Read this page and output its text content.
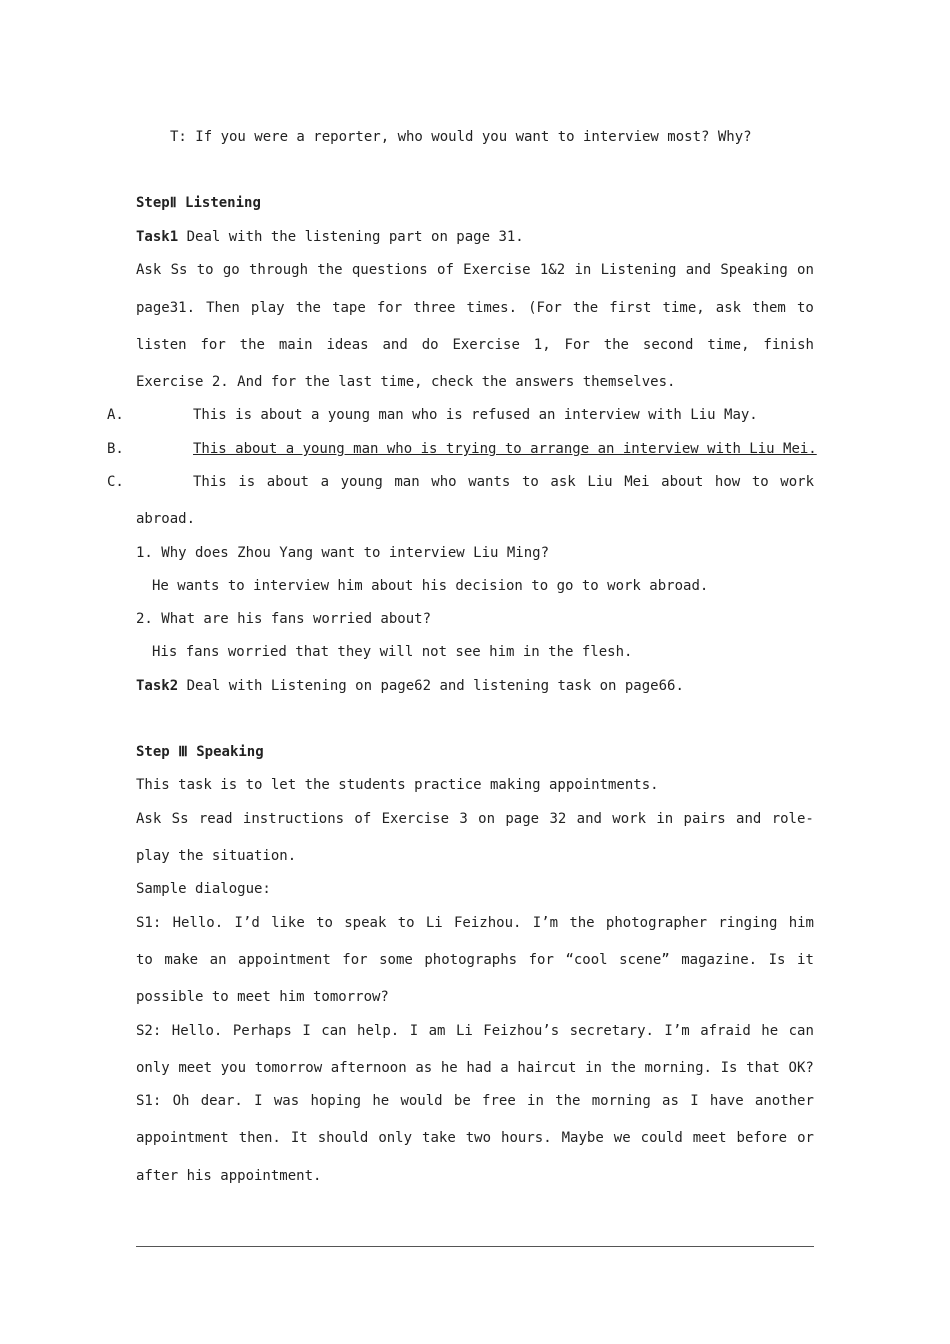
T: If you were a reporter, who would you want to interview most? Why?
StepⅡ Listening
Task1 Deal with the listening part on page 31.
Ask Ss to go through the questions of Exercise 1&2 in Listening and Speaking on
page31. Then play the tape for three times. (For the first time, ask them to
listen for the main ideas and do Exercise 1, For the second time, finish
Exercise 2. And for the last time, check the answers themselves.
A.	This is about a young man who is refused an interview with Liu May.
B.	This about a young man who is trying to arrange an interview with Liu Mei.
C.	This is about a young man who wants to ask Liu Mei about how to work
abroad.
1. Why does Zhou Yang want to interview Liu Ming?
He wants to interview him about his decision to go to work abroad.
2. What are his fans worried about?
His fans worried that they will not see him in the flesh.
Task2 Deal with Listening on page62 and listening task on page66.
Step Ⅲ Speaking
This task is to let the students practice making appointments.
Ask Ss read instructions of Exercise 3 on page 32 and work in pairs and role-
play the situation.
Sample dialogue:
S1: Hello. I’d like to speak to Li Feizhou. I’m the photographer ringing him
to make an appointment for some photographs for “cool scene” magazine. Is it
possible to meet him tomorrow?
S2: Hello. Perhaps I can help. I am Li Feizhou’s secretary. I’m afraid he can
only meet you tomorrow afternoon as he had a haircut in the morning. Is that OK?
S1: Oh dear. I was hoping he would be free in the morning as I have another
appointment then. It should only take two hours. Maybe we could meet before or
after his appointment.
